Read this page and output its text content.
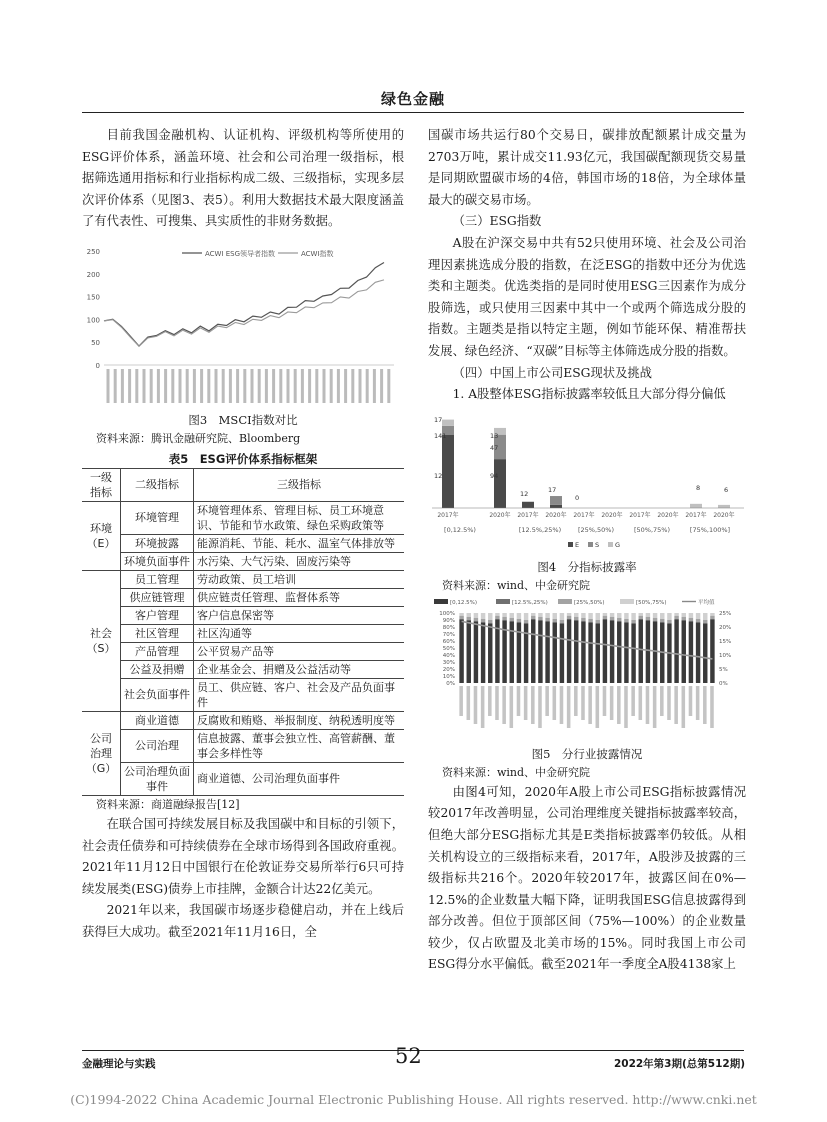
绿色金融

目前我国金融机构、认证机构、评级机构等所使用的ESG评价体系，涵盖环境、社会和公司治理一级指标，根据筛选通用指标和行业指标构成二级、三级指标，实现多层次评价体系（见图3、表5）。利用大数据技术最大限度涵盖了有代表性、可搜集、具实质性的非财务数据。

0
50
100
150
200
250	ACWI ESG领导者指数	ACWI指数
图3　MSCI指数对比
资料来源：腾讯金融研究院、Bloomberg
表5　ESG评价体系指标框架
一级指标	二级指标	三级指标
环境（E）	环境管理	环境管理体系、管理目标、员工环境意识、节能和节水政策、绿色采购政策等
	环境披露	能源消耗、节能、耗水、温室气体排放等
	环境负面事件	水污染、大气污染、固废污染等
社会（S）	员工管理	劳动政策、员工培训
	供应链管理	供应链责任管理、监督体系等
	客户管理	客户信息保密等
	社区管理	社区沟通等
	产品管理	公平贸易产品等
	公益及捐赠	企业基金会、捐赠及公益活动等
	社会负面事件	员工、供应链、客户、社会及产品负面事件
公司治理（G）	商业道德	反腐败和贿赂、举报制度、纳税透明度等
	公司治理	信息披露、董事会独立性、高管薪酬、董事会多样性等
	公司治理负面事件	商业道德、公司治理负面事件
资料来源：商道融绿报告[12]

在联合国可持续发展目标及我国碳中和目标的引领下，社会责任债券和可持续债券在全球市场得到各国政府重视。2021年11月12日中国银行在伦敦证券交易所举行6只可持续发展类(ESG)债券上市挂牌，金额合计达22亿美元。

2021年以来，我国碳市场逐步稳健启动，并在上线后获得巨大成功。截至2021年11月16日，全

国碳市场共运行80个交易日，碳排放配额累计成交量为2703万吨，累计成交11.93亿元，我国碳配额现货交易量是同期欧盟碳市场的4倍，韩国市场的18倍，为全球体量最大的碳交易市场。

（三）ESG指数

A股在沪深交易中共有52只使用环境、社会及公司治理因素挑选成分股的指数，在泛ESG的指数中还分为优选类和主题类。优选类指的是同时使用ESG三因素作为成分股筛选，或只使用三因素中其中一个或两个筛选成分股的指数。主题类是指以特定主题，例如节能环保、精准帮扶发展、绿色经济、“双碳”目标等主体筛选成分股的指数。

（四）中国上市公司ESG现状及挑战

1. A股整体ESG指标披露率较低且大部分得分偏低

17
141
12
13
47
94
12	17
0
8	6
2017年	2020年 2017年 2020年 2017年 2020年 2017年 2020年 2017年 2020年
[0,12.5%)	[12.5%,25%)	[25%,50%)	[50%,75%)	[75%,100%]
E S G
图4　分指标披露率
资料来源：wind、中金研究院
[0,12.5%)	[12.5%,25%)	[25%,50%)	[50%,75%)	平均值
100%
90%
80%
70%
60%
50%
40%
30%
20%
10%
0%
25%
20%
15%
10%
5%
0%
图5　分行业披露情况
资料来源：wind、中金研究院

由图4可知，2020年A股上市公司ESG指标披露情况较2017年改善明显，公司治理维度关键指标披露率较高，但绝大部分ESG指标尤其是E类指标披露率仍较低。从相关机构设立的三级指标来看，2017年，A股涉及披露的三级指标共216个。2020年较2017年，披露区间在0%—12.5%的企业数量大幅下降，证明我国ESG信息披露得到部分改善。但位于顶部区间（75%—100%）的企业数量较少，仅占欧盟及北美市场的15%。同时我国上市公司ESG得分水平偏低。截至2021年一季度全A股4138家上

金融理论与实践	52	2022年第3期(总第512期)
(C)1994-2022 China Academic Journal Electronic Publishing House. All rights reserved. http://www.cnki.net
